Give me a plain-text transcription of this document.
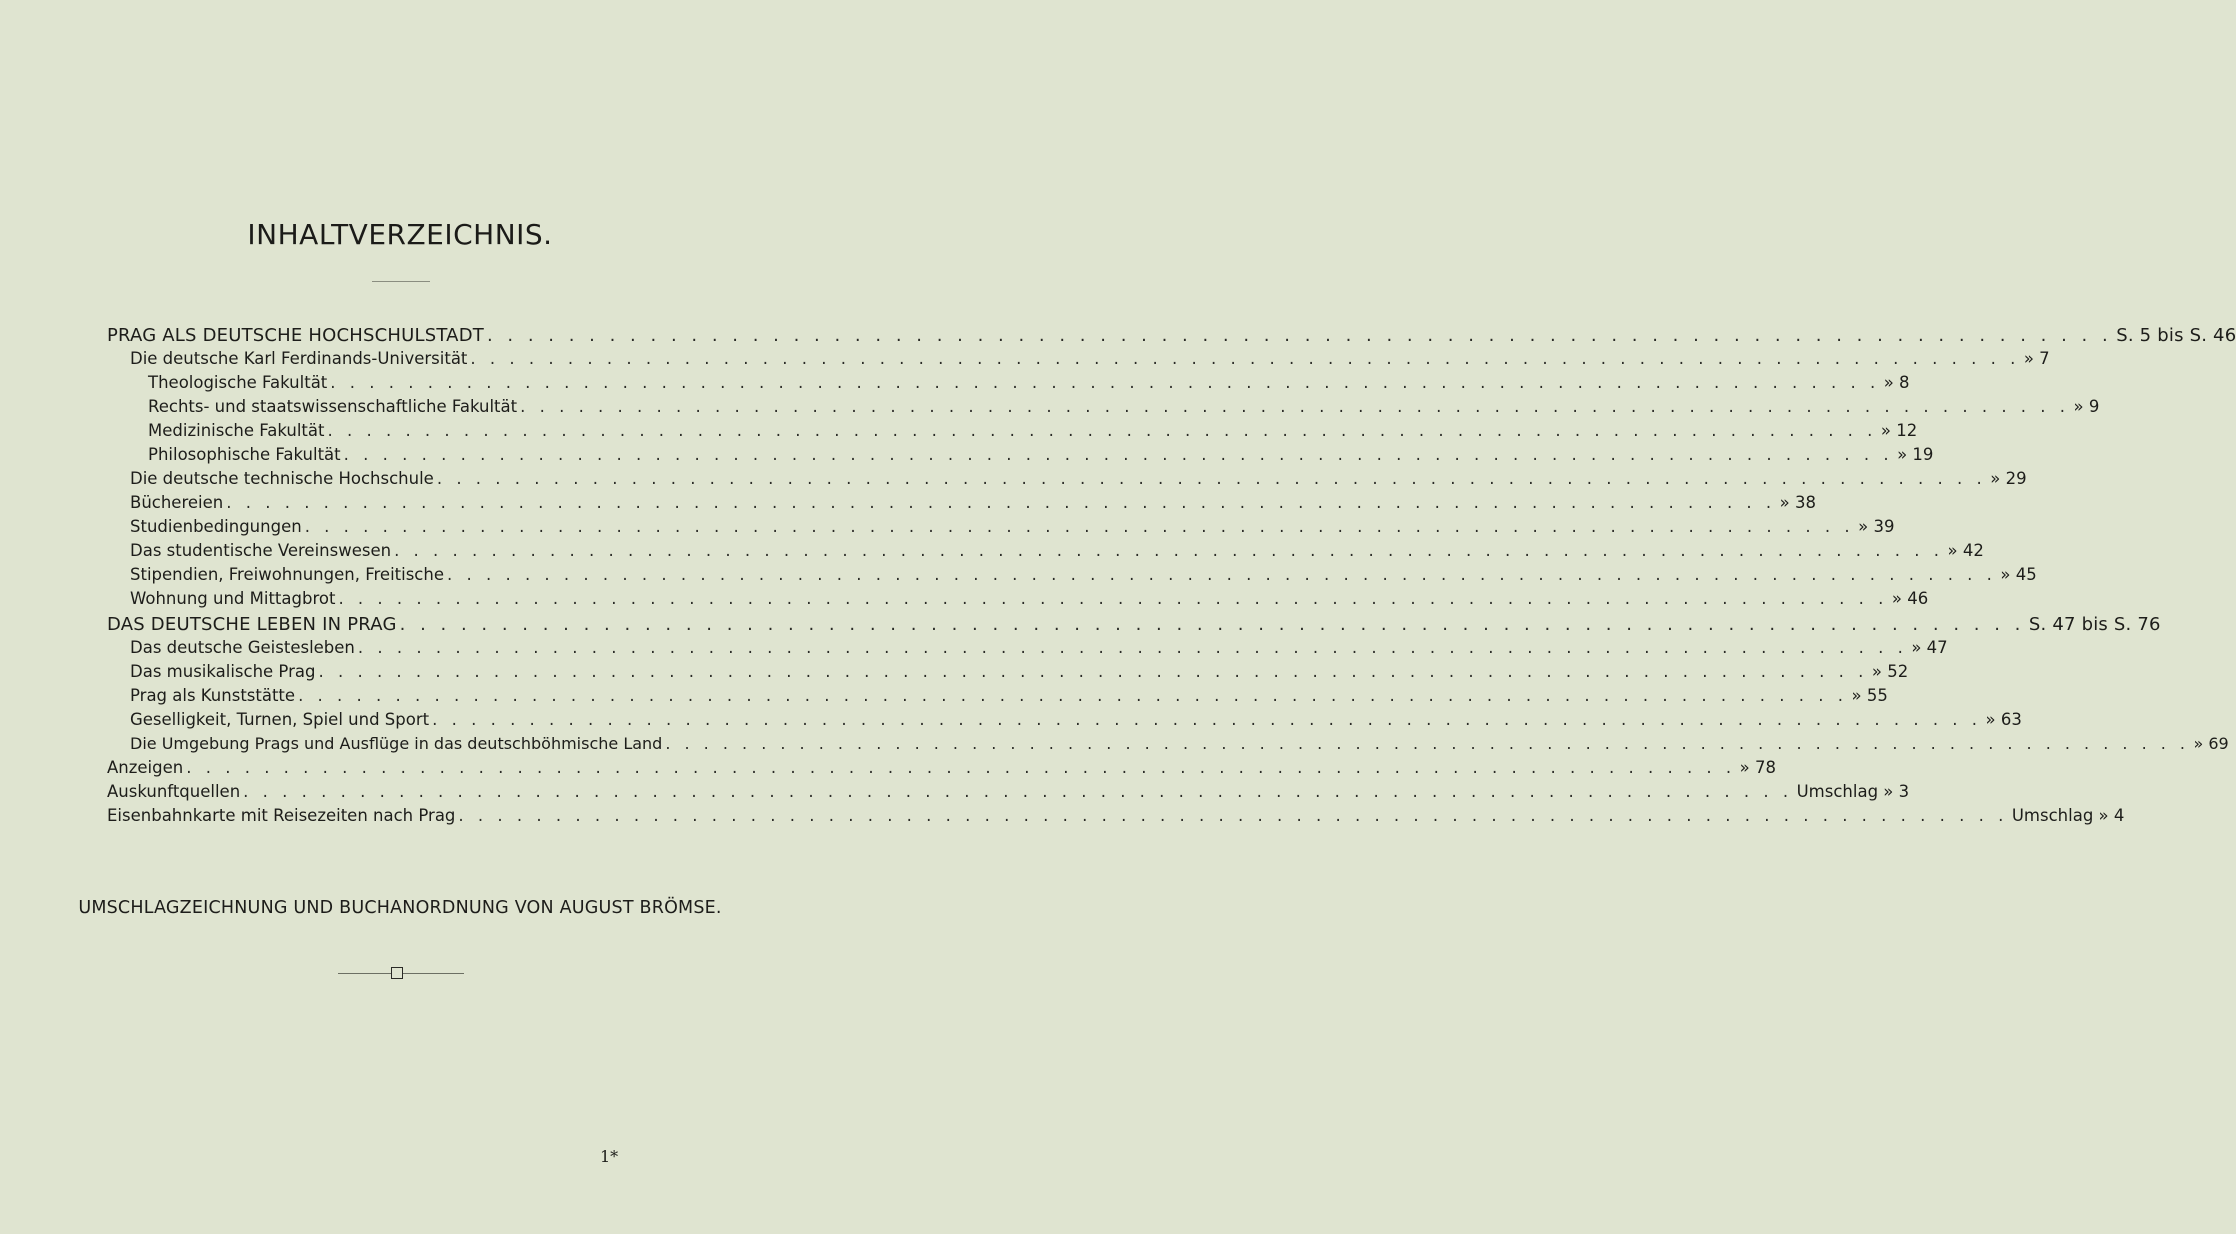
INHALTVERZEICHNIS.
PRAG ALS DEUTSCHE HOCHSCHULSTADT . . .	S. 5 bis S. 46
Die deutsche Karl Ferdinands-Universität . . .	» 7
Theologische Fakultät . . .	» 8
Rechts- und staatswissenschaftliche Fakultät . . .	» 9
Medizinische Fakultät . . .	» 12
Philosophische Fakultät . . .	» 19
Die deutsche technische Hochschule . . .	» 29
Büchereien . . .	» 38
Studienbedingungen . . .	» 39
Das studentische Vereinswesen . . .	» 42
Stipendien, Freiwohnungen, Freitische . . .	» 45
Wohnung und Mittagbrot . . .	» 46
DAS DEUTSCHE LEBEN IN PRAG . . .	S. 47 bis S. 76
Das deutsche Geistesleben . . .	» 47
Das musikalische Prag . . .	» 52
Prag als Kunststätte . . .	» 55
Geselligkeit, Turnen, Spiel und Sport . . .	» 63
Die Umgebung Prags und Ausflüge in das deutschböhmische Land . . .	» 69
Anzeigen . . .	» 78
Auskunftquellen . . .	Umschlag » 3
Eisenbahnkarte mit Reisezeiten nach Prag . . .	Umschlag » 4
UMSCHLAGZEICHNUNG UND BUCHANORDNUNG VON AUGUST BRÖMSE.
1*
